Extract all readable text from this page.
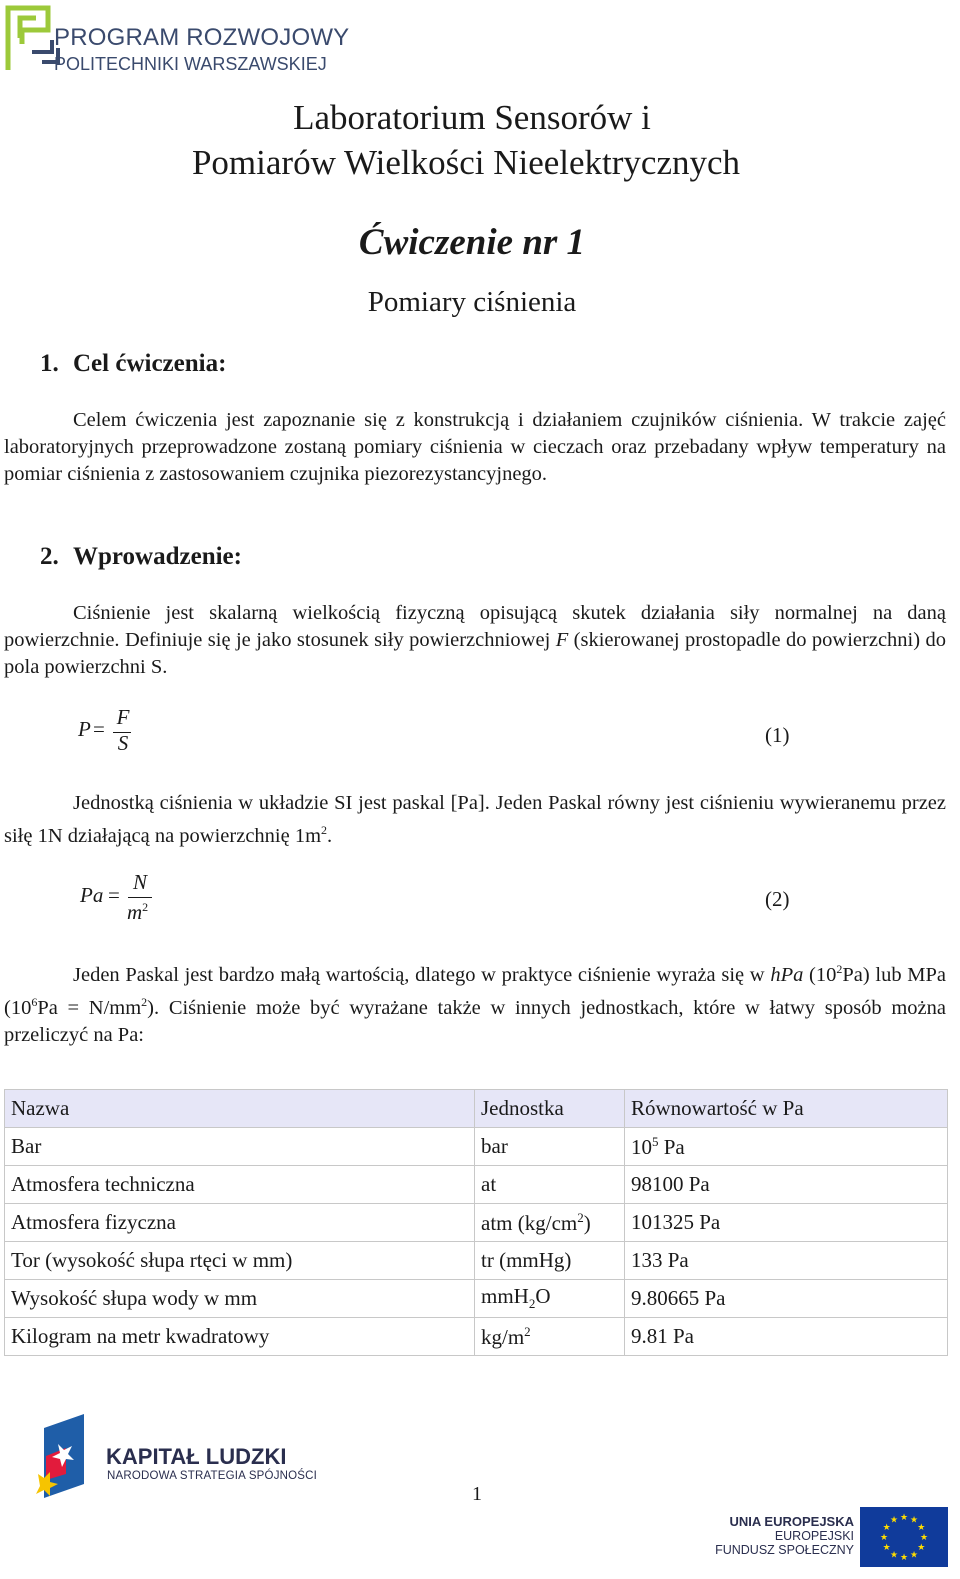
PROGRAM ROZWOJOWY
POLITECHNIKI WARSZAWSKIEJ
Laboratorium Sensorów i
Pomiarów Wielkości Nieelektrycznych
Ćwiczenie nr 1
Pomiary ciśnienia
1. Cel ćwiczenia:
Celem ćwiczenia jest zapoznanie się z konstrukcją i działaniem czujników ciśnienia. W trakcie zajęć laboratoryjnych przeprowadzone zostaną pomiary ciśnienia w cieczach oraz przebadany wpływ temperatury na pomiar ciśnienia z zastosowaniem czujnika piezorezystancyjnego.
2. Wprowadzenie:
Ciśnienie jest skalarną wielkością fizyczną opisującą skutek działania siły normalnej na daną powierzchnie. Definiuje się je jako stosunek siły powierzchniowej F (skierowanej prostopadle do powierzchni) do pola powierzchni S.
P = F
S	(1)
Jednostką ciśnienia w układzie SI jest paskal [Pa]. Jeden Paskal równy jest ciśnieniu wywieranemu przez siłę 1N działającą na powierzchnię $1m^2$.
Pa =
N
$m^2$	(2)
Jeden Paskal jest bardzo małą wartością, dlatego w praktyce ciśnienie wyraża się w hPa $(10^2Pa)$ lub MPa $(10^6Pa = N/mm^2)$. Ciśnienie może być wyrażane także w innych jednostkach, które w łatwy sposób można przeliczyć na Pa:
Nazwa	Jednostka	Równowartość w Pa
Bar	bar	$10^5$ Pa
Atmosfera techniczna	at	98100 Pa
Atmosfera fizyczna	atm $(kg/cm^2)$	101325 Pa
Tor (wysokość słupa rtęci w mm)	tr (mmHg)	133 Pa
Wysokość słupa wody w mm	mmH$_2$O	9.80665 Pa
Kilogram na metr kwadratowy	$kg/m^2$	9.81 Pa
KAPITAŁ LUDZKI
NARODOWA STRATEGIA SPÓJNOŚCI
1
UNIA EUROPEJSKA
EUROPEJSKI
FUNDUSZ SPOŁECZNY
★ ★
★
★
★
★
★
★
★
★
★
★
